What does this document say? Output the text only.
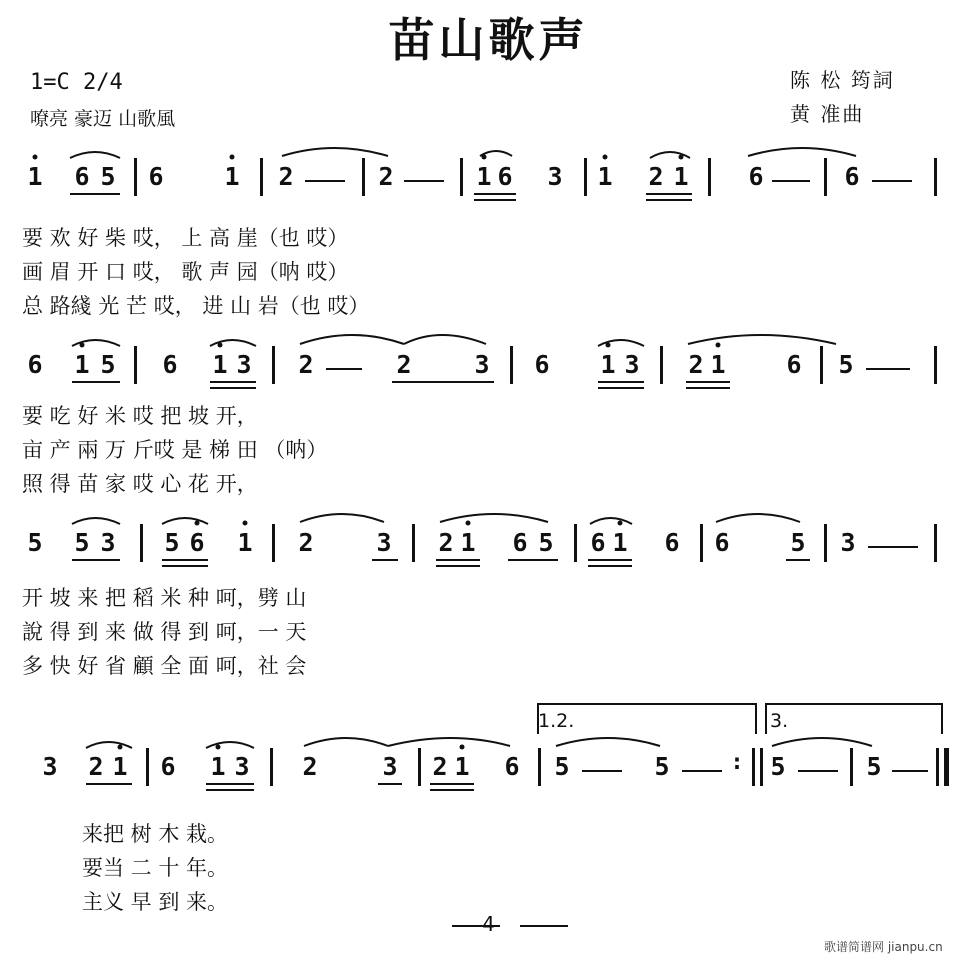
苗山歌声
1=C 2/4
嘹亮 豪迈 山歌風
陈 松 筠詞
黄 准曲
1 6 5 6 1 2	2	1 6 3 1 2 1 6	6
要 欢 好 柴 哎， 上 高 崖（也 哎）
画 眉 开 口 哎， 歌 声 园（呐 哎）
总 路綫 光 芒 哎， 进 山 岩（也 哎）
6 1 5 6 1 3 2	2	3 6 1 3 2 1 6 5
要 吃 好 米 哎 把 坡 开，
亩 产 兩 万 斤哎 是 梯 田 （呐）
照 得 苗 家 哎 心 花 开，
5 5 3 5 6 1 2	3 2 1 6 5 6 1 6 6 5 3
开 坡 来 把 稻 米 种 呵，劈 山
說 得 到 来 做 得 到 呵，一 天
多 快 好 省 顧 全 面 呵，社 会
1.2.	3.
3 2 1 6 1 3 2	3 2 1 6 5	5	: 5	5
来把 树 木 栽。
要当 二 十 年。
主义 早 到 来。
4
歌谱简谱网 jianpu.cn
